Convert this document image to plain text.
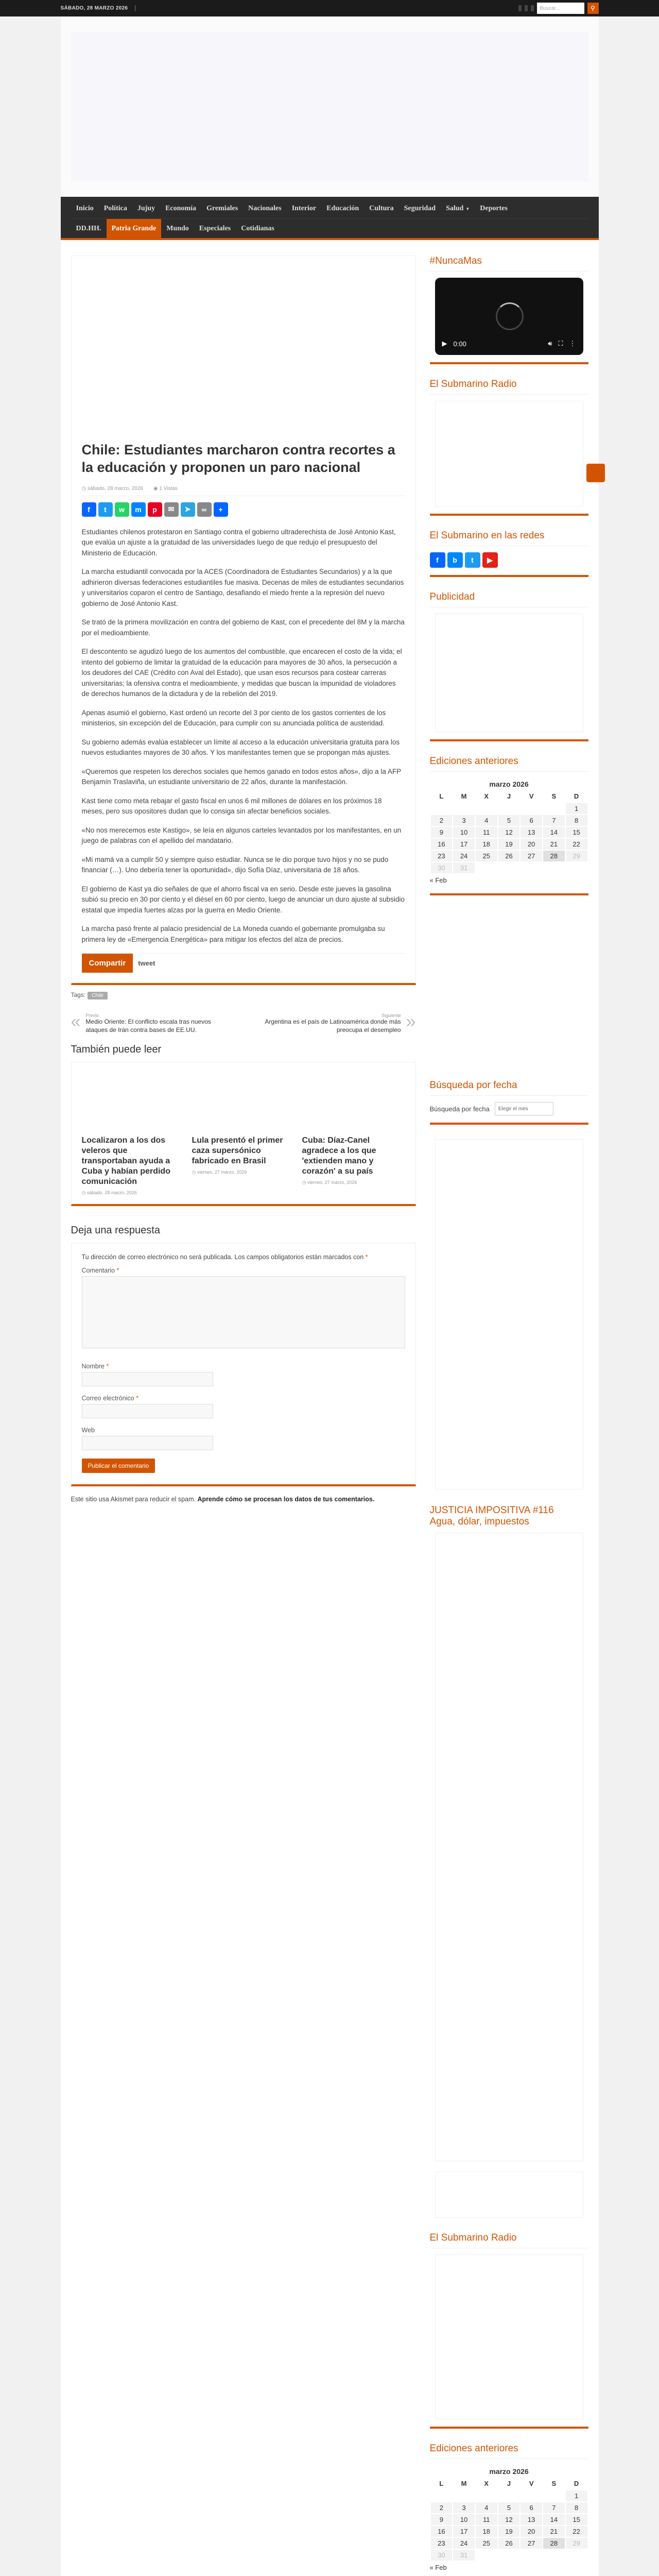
SÁBADO, 28 MARZO 2026	Buscar...	⚲
Inicio Política Jujuy Economía Gremiales Nacionales Interior Educación Cultura Seguridad Salud ▼ Deportes
DD.HH. Patria Grande Mundo Especiales Cotidianas
Chile: Estudiantes marcharon contra recortes a la educación y proponen un paro nacional
◷ sábado, 28 marzo, 2026 ◉ 1 Vistas
f	t	w	m	p	✉	➤	∞	+

Estudiantes chilenos protestaron en Santiago contra el gobierno ultraderechista de José Antonio Kast, que evalúa un ajuste a la gratuidad de las universidades luego de que redujo el presupuesto del Ministerio de Educación.

La marcha estudiantil convocada por la ACES (Coordinadora de Estudiantes Secundarios) y a la que adhirieron diversas federaciones estudiantiles fue masiva. Decenas de miles de estudiantes secundarios y universitarios coparon el centro de Santiago, desafiando el miedo frente a la represión del nuevo gobierno de José Antonio Kast.

Se trató de la primera movilización en contra del gobierno de Kast, con el precedente del 8M y la marcha por el medioambiente.

El descontento se agudizó luego de los aumentos del combustible, que encarecen el costo de la vida; el intento del gobierno de limitar la gratuidad de la educación para mayores de 30 años, la persecución a los deudores del CAE (Crédito con Aval del Estado), que usan esos recursos para costear carreras universitarias; la ofensiva contra el medioambiente, y medidas que buscan la impunidad de violadores de derechos humanos de la dictadura y de la rebelión del 2019.

Apenas asumió el gobierno, Kast ordenó un recorte del 3 por ciento de los gastos corrientes de los ministerios, sin excepción del de Educación, para cumplir con su anunciada política de austeridad.

Su gobierno además evalúa establecer un límite al acceso a la educación universitaria gratuita para los nuevos estudiantes mayores de 30 años. Y los manifestantes temen que se propongan más ajustes.

«Queremos que respeten los derechos sociales que hemos ganado en todos estos años», dijo a la AFP Benjamín Traslaviña, un estudiante universitario de 22 años, durante la manifestación.

Kast tiene como meta rebajar el gasto fiscal en unos 6 mil millones de dólares en los próximos 18 meses, pero sus opositores dudan que lo consiga sin afectar beneficios sociales.

«No nos merecemos este Kastigo», se leía en algunos carteles levantados por los manifestantes, en un juego de palabras con el apellido del mandatario.

«Mi mamá va a cumplir 50 y siempre quiso estudiar. Nunca se le dio porque tuvo hijos y no se pudo financiar (…). Uno debería tener la oportunidad», dijo Sofía Díaz, universitaria de 18 años.

El gobierno de Kast ya dio señales de que el ahorro fiscal va en serio. Desde este jueves la gasolina subió su precio en 30 por ciento y el diésel en 60 por ciento, luego de anunciar un duro ajuste al subsidio estatal que impedía fuertes alzas por la guerra en Medio Oriente.

La marcha pasó frente al palacio presidencial de La Moneda cuando el gobernante promulgaba su primera ley de «Emergencia Energética» para mitigar los efectos del alza de precios.

Compartir	tweet
Tags: Chile
« Previo
Medio Oriente: El conflicto escala tras nuevos ataques de Irán contra bases de EE.UU.
Siguiente
Argentina es el país de Latinoamérica donde más preocupa el desempleo »
También puede leer
Localizaron a los dos veleros que transportaban ayuda a Cuba y habían perdido comunicación
◷ sábado, 28 marzo, 2026
Lula presentó el primer caza supersónico fabricado en Brasil
◷ viernes, 27 marzo, 2026
Cuba: Díaz-Canel agradece a los que 'extienden mano y corazón' a su país
◷ viernes, 27 marzo, 2026
Deja una respuesta

Tu dirección de correo electrónico no será publicada. Los campos obligatorios están marcados con *

Comentario *
Nombre *
Correo electrónico *
Web
Publicar el comentario

Este sitio usa Akismet para reducir el spam. Aprende cómo se procesan los datos de tus comentarios.

#NuncaMas
▶ 0:00	🔊︎ ⛶ ⋮
El Submarino Radio
El Submarino en las redes
f	b	t	▶
Publicidad
Ediciones anteriores
marzo 2026
L	M	X	J	V	S	D
						1
2	3	4	5	6	7	8
9	10	11	12	13	14	15
16	17	18	19	20	21	22
23	24	25	26	27	28	29
30	31					
« Feb
Búsqueda por fecha
Búsqueda por fecha	Elegir el mes
JUSTICIA IMPOSITIVA #116
Agua, dólar, impuestos
El Submarino Radio
Ediciones anteriores
marzo 2026
L	M	X	J	V	S	D
						1
2	3	4	5	6	7	8
9	10	11	12	13	14	15
16	17	18	19	20	21	22
23	24	25	26	27	28	29
30	31					
« Feb
